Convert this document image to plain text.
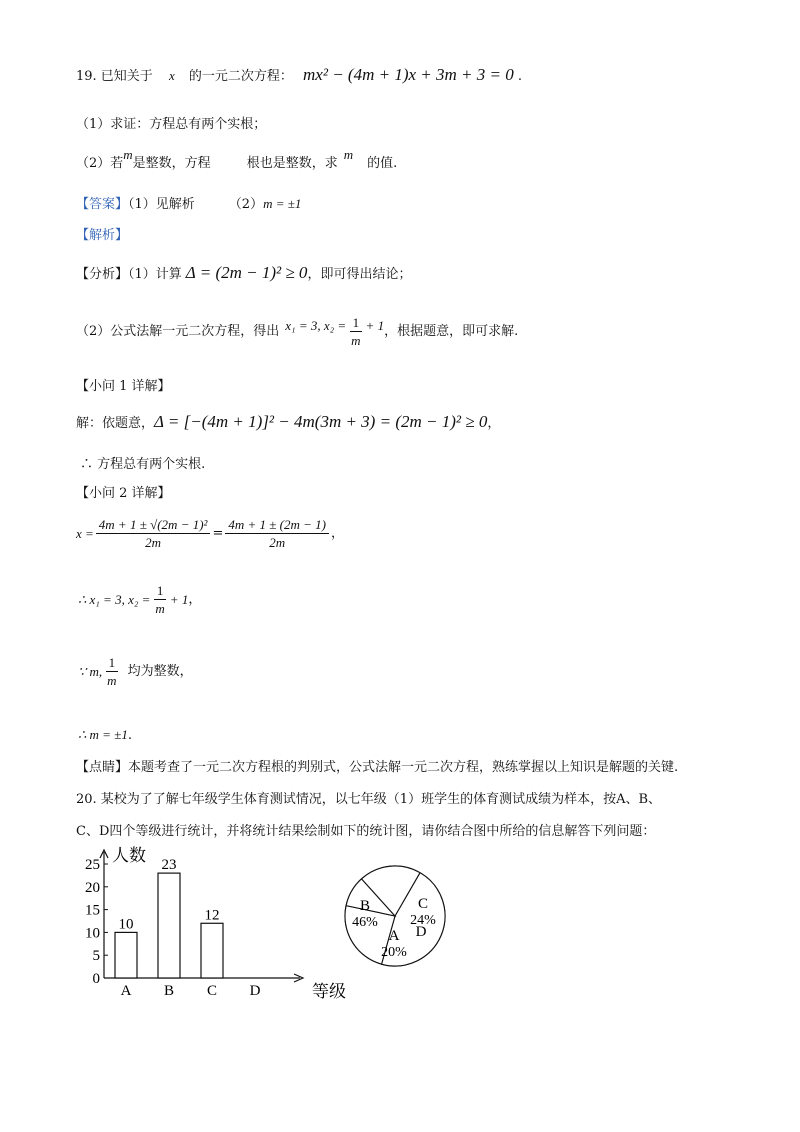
19. 已知关于 x 的一元二次方程： mx² − (4m + 1)x + 3m + 3 = 0 .
（1）求证：方程总有两个实根；
（2）若m是整数，方程	根也是整数，求m的值.
【答案】（1）见解析	（2）m = ±1
【解析】
【分析】（1）计算 Δ = (2m − 1)² ≥ 0，即可得出结论；
（2）公式法解一元二次方程，得出 x₁ = 3, $x_2 = \frac{1}{m} + 1$ ，根据题意，即可求解.
【小问 1 详解】
解：依题意，Δ = [−(4m + 1)]² − 4m(3m + 3) = (2m − 1)² ≥ 0，
∴ 方程总有两个实根.
【小问 2 详解】
$x = \frac{\text{4m + 1 ± √(2m − 1)²}}{2m} = \frac{4m + 1 \pm (2m - 1)}{2m}$ ，
∴ x₁ = 3, $x_2 = \frac{1}{m} + 1$ ，
∵ m, $\frac{1}{m}$ 均为整数，
∴ m = ±1.
【点睛】本题考查了一元二次方程根的判别式，公式法解一元二次方程，熟练掌握以上知识是解题的关键.
20. 某校为了了解七年级学生体育测试情况，以七年级（1）班学生的体育测试成绩为样本，按A、B、
C、D四个等级进行统计，并将统计结果绘制如下的统计图，请你结合图中所给的信息解答下列问题：
0
5
10
15
20
25 人数
等级
10
A
23
B
12
C D
B
46%
C
24%
D
A
20%
